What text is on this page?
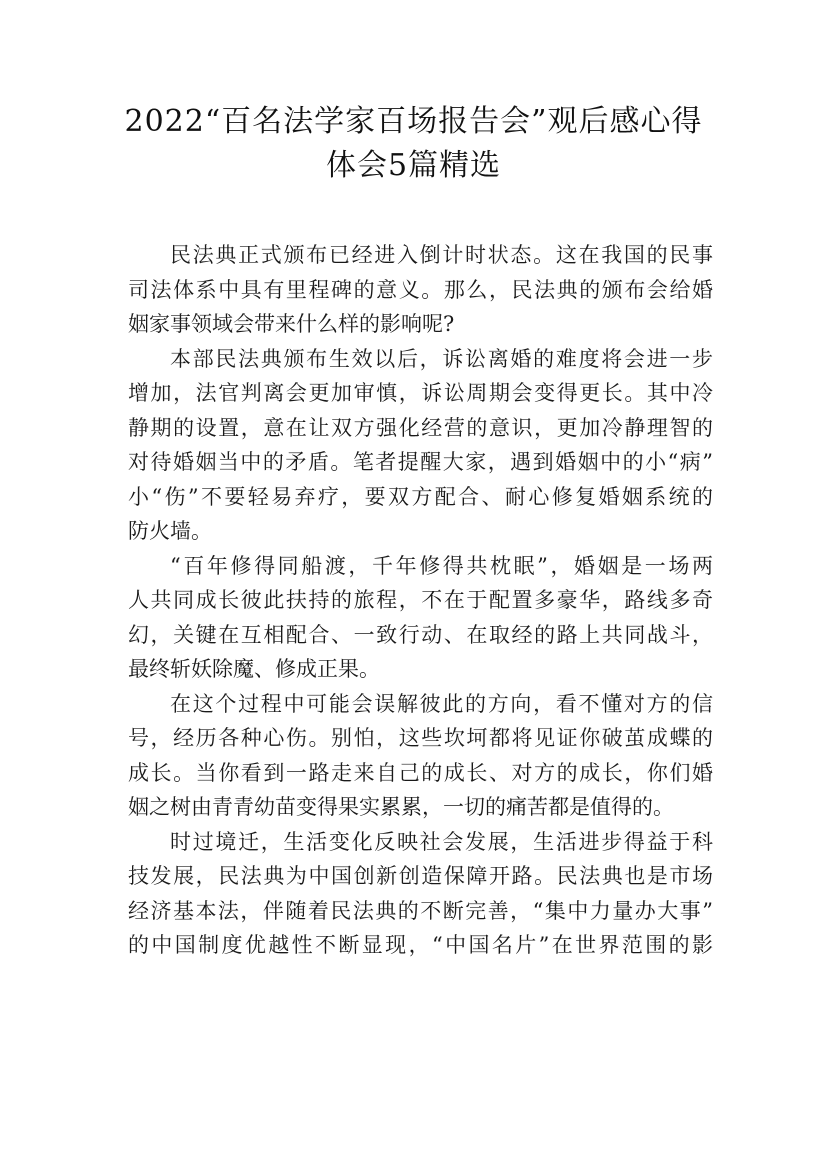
2022“百名法学家百场报告会”观后感心得
体会5篇精选
民法典正式颁布已经进入倒计时状态。这在我国的民事
司法体系中具有里程碑的意义。那么，民法典的颁布会给婚
姻家事领域会带来什么样的影响呢?
本部民法典颁布生效以后，诉讼离婚的难度将会进一步
增加，法官判离会更加审慎，诉讼周期会变得更长。其中冷
静期的设置，意在让双方强化经营的意识，更加冷静理智的
对待婚姻当中的矛盾。笔者提醒大家，遇到婚姻中的小“病”
小“伤”不要轻易弃疗，要双方配合、耐心修复婚姻系统的
防火墙。
“百年修得同船渡，千年修得共枕眠”，婚姻是一场两
人共同成长彼此扶持的旅程，不在于配置多豪华，路线多奇
幻，关键在互相配合、一致行动、在取经的路上共同战斗，
最终斩妖除魔、修成正果。
在这个过程中可能会误解彼此的方向，看不懂对方的信
号，经历各种心伤。别怕，这些坎坷都将见证你破茧成蝶的
成长。当你看到一路走来自己的成长、对方的成长，你们婚
姻之树由青青幼苗变得果实累累，一切的痛苦都是值得的。
时过境迁，生活变化反映社会发展，生活进步得益于科
技发展，民法典为中国创新创造保障开路。民法典也是市场
经济基本法，伴随着民法典的不断完善，“集中力量办大事”
的中国制度优越性不断显现，“中国名片”在世界范围的影
